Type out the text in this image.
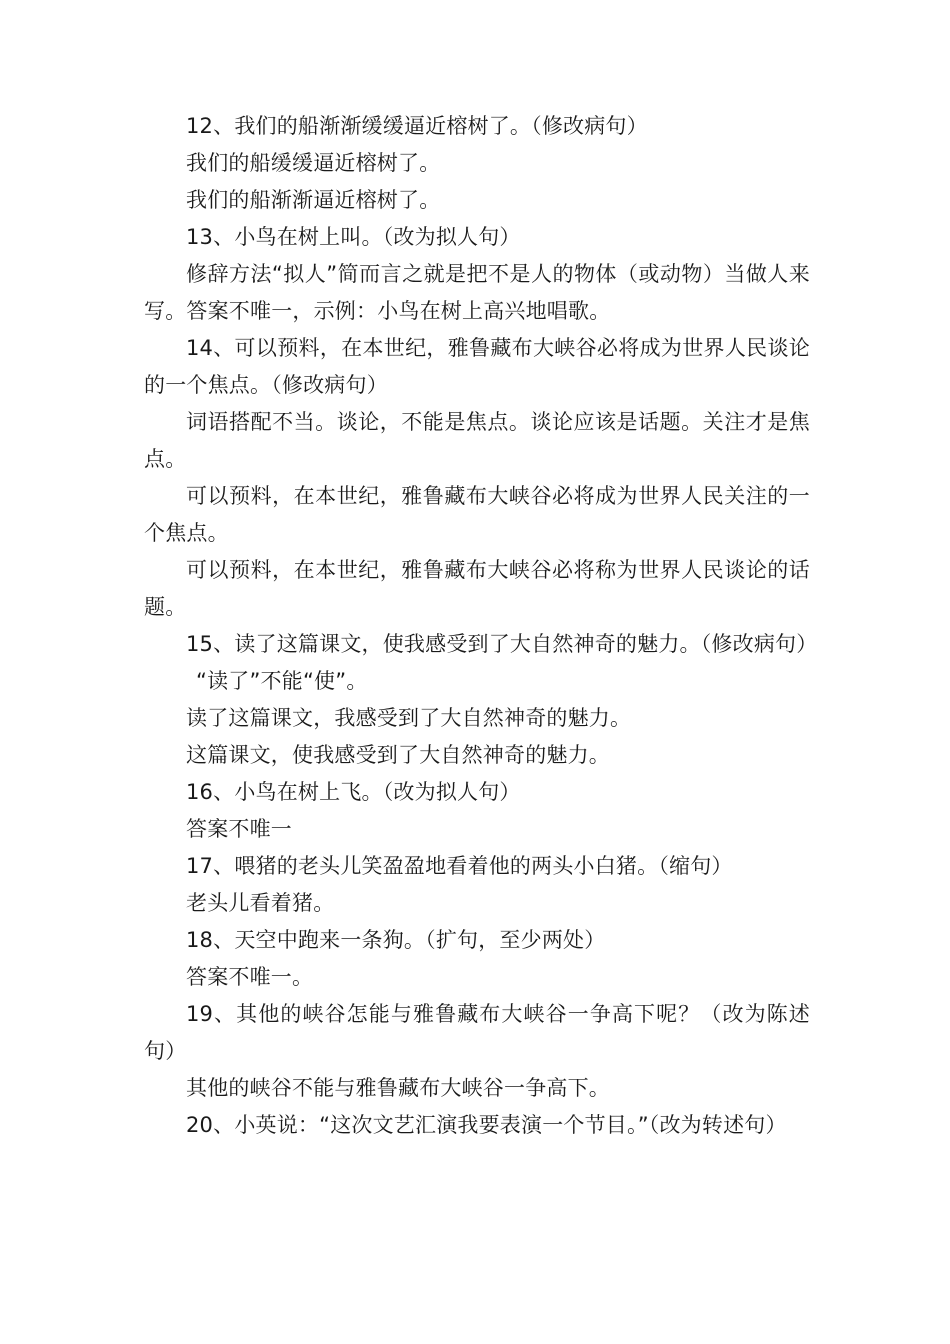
12、我们的船渐渐缓缓逼近榕树了。（修改病句）

我们的船缓缓逼近榕树了。

我们的船渐渐逼近榕树了。

13、小鸟在树上叫。（改为拟人句）

修辞方法“拟人”简而言之就是把不是人的物体（或动物）当做人来写。答案不唯一，示例：小鸟在树上高兴地唱歌。

14、可以预料，在本世纪，雅鲁藏布大峡谷必将成为世界人民谈论的一个焦点。（修改病句）

词语搭配不当。谈论，不能是焦点。谈论应该是话题。关注才是焦点。

可以预料，在本世纪，雅鲁藏布大峡谷必将成为世界人民关注的一个焦点。

可以预料，在本世纪，雅鲁藏布大峡谷必将称为世界人民谈论的话题。

15、读了这篇课文，使我感受到了大自然神奇的魅力。（修改病句）

“读了”不能“使”。

读了这篇课文，我感受到了大自然神奇的魅力。

这篇课文，使我感受到了大自然神奇的魅力。

16、小鸟在树上飞。（改为拟人句）

答案不唯一

17、喂猪的老头儿笑盈盈地看着他的两头小白猪。（缩句）

老头儿看着猪。

18、天空中跑来一条狗。（扩句，至少两处）

答案不唯一。

19、其他的峡谷怎能与雅鲁藏布大峡谷一争高下呢？（改为陈述句）

其他的峡谷不能与雅鲁藏布大峡谷一争高下。

20、小英说：“这次文艺汇演我要表演一个节目。”（改为转述句）
